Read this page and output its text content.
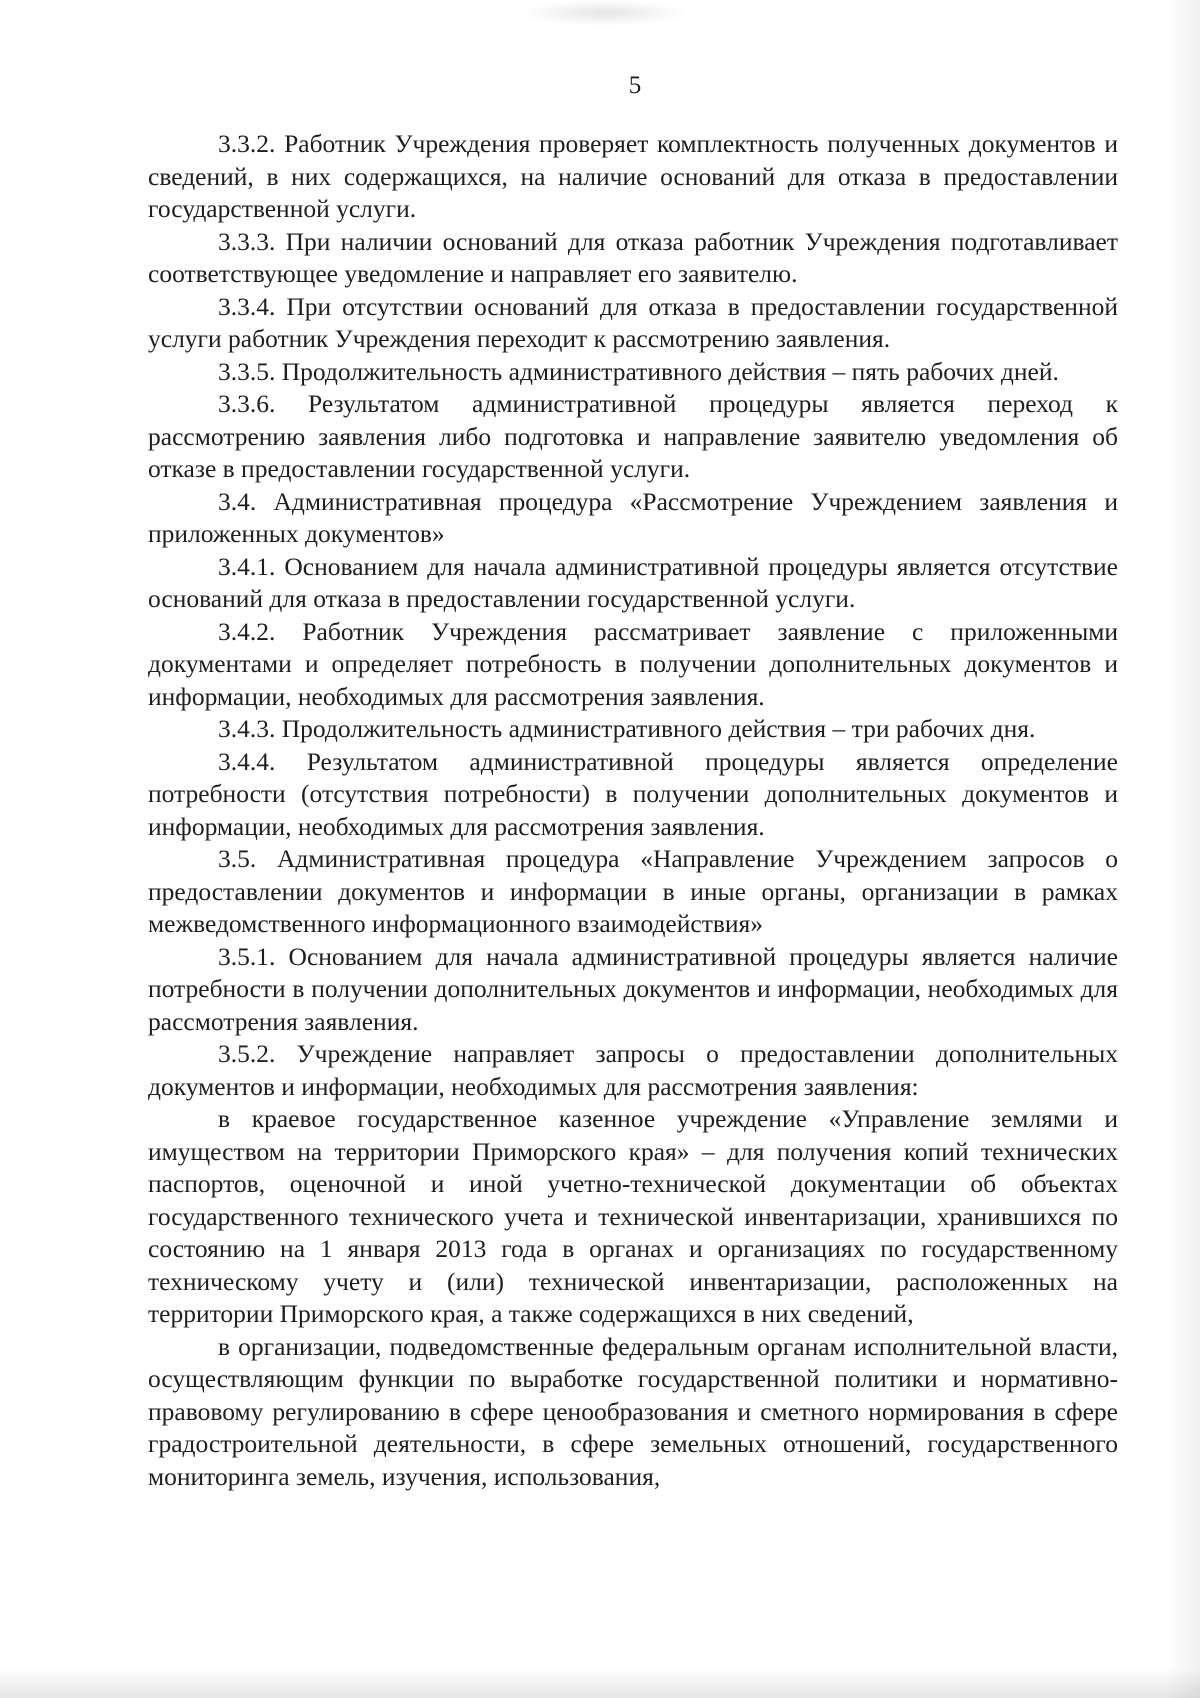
5

3.3.2. Работник Учреждения проверяет комплектность полученных документов и сведений, в них содержащихся, на наличие оснований для отказа в предоставлении государственной услуги.

3.3.3. При наличии оснований для отказа работник Учреждения подготавливает соответствующее уведомление и направляет его заявителю.

3.3.4. При отсутствии оснований для отказа в предоставлении государственной услуги работник Учреждения переходит к рассмотрению заявления.

3.3.5. Продолжительность административного действия – пять рабочих дней.

3.3.6. Результатом административной процедуры является переход к рассмотрению заявления либо подготовка и направление заявителю уведомления об отказе в предоставлении государственной услуги.

3.4. Административная процедура «Рассмотрение Учреждением заявления и приложенных документов»

3.4.1. Основанием для начала административной процедуры является отсутствие оснований для отказа в предоставлении государственной услуги.

3.4.2. Работник Учреждения рассматривает заявление с приложенными документами и определяет потребность в получении дополнительных документов и информации, необходимых для рассмотрения заявления.

3.4.3. Продолжительность административного действия – три рабочих дня.

3.4.4. Результатом административной процедуры является определение потребности (отсутствия потребности) в получении дополнительных документов и информации, необходимых для рассмотрения заявления.

3.5. Административная процедура «Направление Учреждением запросов о предоставлении документов и информации в иные органы, организации в рамках межведомственного информационного взаимодействия»

3.5.1. Основанием для начала административной процедуры является наличие потребности в получении дополнительных документов и информации, необходимых для рассмотрения заявления.

3.5.2. Учреждение направляет запросы о предоставлении дополнительных документов и информации, необходимых для рассмотрения заявления:

в краевое государственное казенное учреждение «Управление землями и имуществом на территории Приморского края» – для получения копий технических паспортов, оценочной и иной учетно-технической документации об объектах государственного технического учета и технической инвентаризации, хранившихся по состоянию на 1 января 2013 года в органах и организациях по государственному техническому учету и (или) технической инвентаризации, расположенных на территории Приморского края, а также содержащихся в них сведений,

в организации, подведомственные федеральным органам исполнительной власти, осуществляющим функции по выработке государственной политики и нормативно-правовому регулированию в сфере ценообразования и сметного нормирования в сфере градостроительной деятельности, в сфере земельных отношений, государственного мониторинга земель, изучения, использования,
